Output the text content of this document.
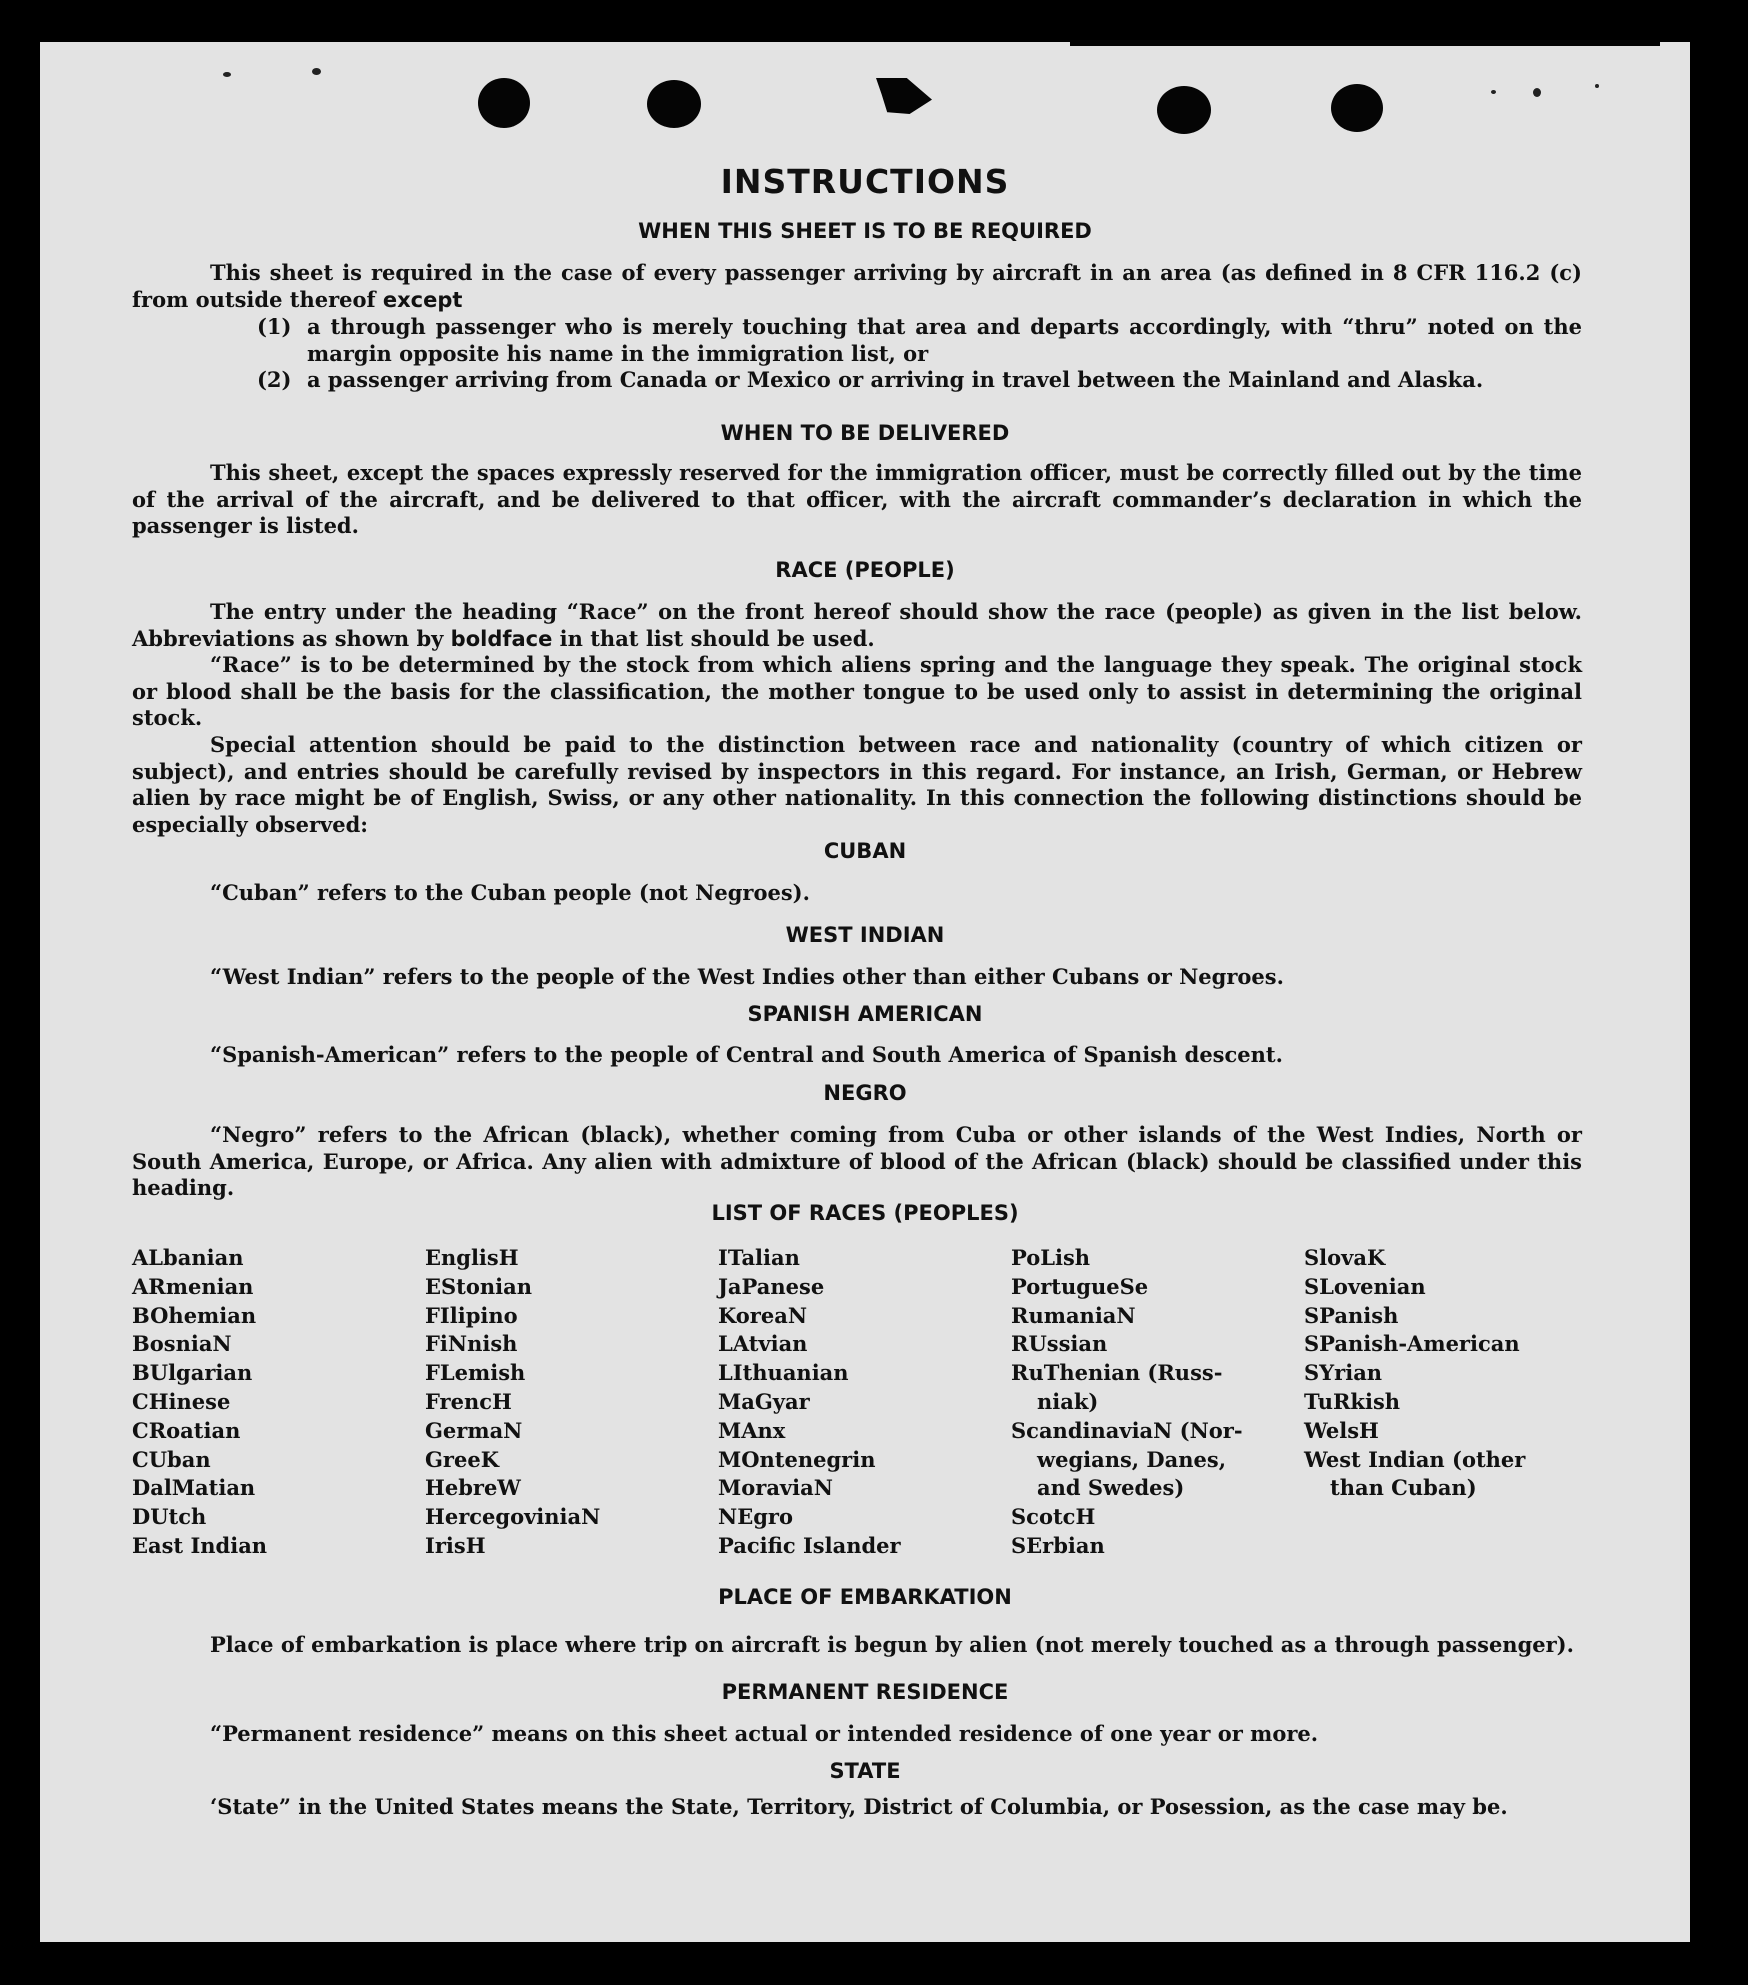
INSTRUCTIONS
WHEN THIS SHEET IS TO BE REQUIRED
This sheet is required in the case of every passenger arriving by aircraft in an area (as defined in 8 CFR 116.2 (c) from outside thereof except
(1) a through passenger who is merely touching that area and departs accordingly, with “thru” noted on the margin opposite his name in the immigration list, or
(2) a passenger arriving from Canada or Mexico or arriving in travel between the Mainland and Alaska.
WHEN TO BE DELIVERED
This sheet, except the spaces expressly reserved for the immigration officer, must be correctly filled out by the time of the arrival of the aircraft, and be delivered to that officer, with the aircraft commander’s declaration in which the passenger is listed.
RACE (PEOPLE)
The entry under the heading “Race” on the front hereof should show the race (people) as given in the list below. Abbreviations as shown by boldface in that list should be used.
“Race” is to be determined by the stock from which aliens spring and the language they speak. The original stock or blood shall be the basis for the classification, the mother tongue to be used only to assist in determining the original stock.
Special attention should be paid to the distinction between race and nationality (country of which citizen or subject), and entries should be carefully revised by inspectors in this regard. For instance, an Irish, German, or Hebrew alien by race might be of English, Swiss, or any other nationality. In this connection the following distinctions should be especially observed:
CUBAN
“Cuban” refers to the Cuban people (not Negroes).
WEST INDIAN
“West Indian” refers to the people of the West Indies other than either Cubans or Negroes.
SPANISH AMERICAN
“Spanish-American” refers to the people of Central and South America of Spanish descent.
NEGRO
“Negro” refers to the African (black), whether coming from Cuba or other islands of the West Indies, North or South America, Europe, or Africa. Any alien with admixture of blood of the African (black) should be classified under this heading.
LIST OF RACES (PEOPLES)
ALbanian
ARmenian
BOhemian
BosniaN
BUlgarian
CHinese
CRoatian
CUban
DalMatian
DUtch
East Indian
EnglisH
EStonian
FIlipino
FiNnish
FLemish
FrencH
GermaN
GreeK
HebreW
HercegoviniaN
IrisH
ITalian
JaPanese
KoreaN
LAtvian
LIthuanian
MaGyar
MAnx
MOntenegrin
MoraviaN
NEgro
Pacific Islander
PoLish
PortugueSe
RumaniaN
RUssian
RuThenian (Russ-
niak)
ScandinaviaN (Nor-
wegians, Danes,
and Swedes)
ScotcH
SErbian
SlovaK
SLovenian
SPanish
SPanish-American
SYrian
TuRkish
WelsH
West Indian (other
than Cuban)
PLACE OF EMBARKATION
Place of embarkation is place where trip on aircraft is begun by alien (not merely touched as a through passenger).
PERMANENT RESIDENCE
“Permanent residence” means on this sheet actual or intended residence of one year or more.
STATE
‘State” in the United States means the State, Territory, District of Columbia, or Posession, as the case may be.
